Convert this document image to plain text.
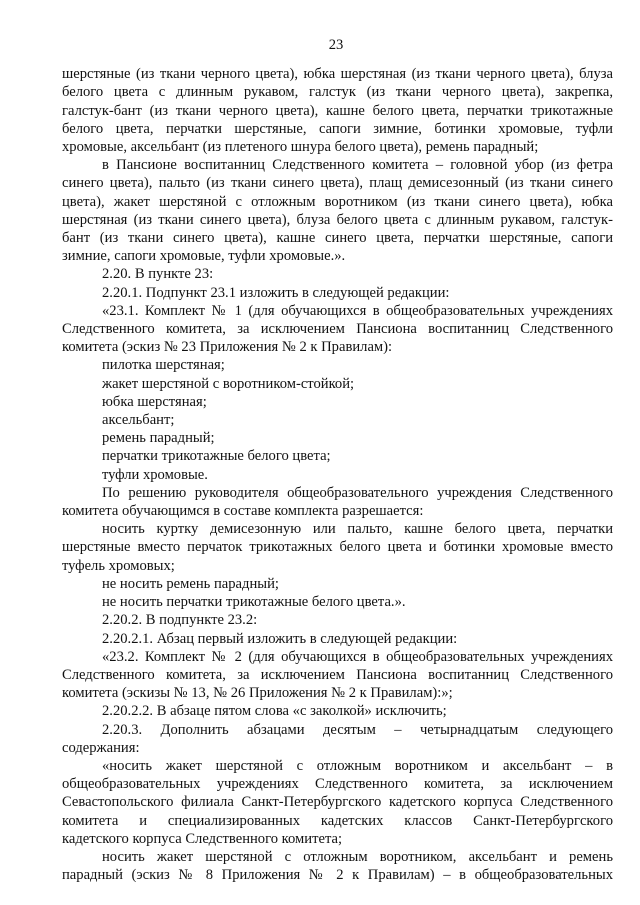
23
шерстяные (из ткани черного цвета), юбка шерстяная (из ткани черного цвета), блуза
белого цвета с длинным рукавом, галстук (из ткани черного цвета), закрепка,
галстук-бант (из ткани черного цвета), кашне белого цвета, перчатки трикотажные
белого цвета, перчатки шерстяные, сапоги зимние, ботинки хромовые, туфли
хромовые, аксельбант (из плетеного шнура белого цвета), ремень парадный;
в Пансионе воспитанниц Следственного комитета – головной убор (из фетра
синего цвета), пальто (из ткани синего цвета), плащ демисезонный (из ткани синего
цвета), жакет шерстяной с отложным воротником (из ткани синего цвета), юбка
шерстяная (из ткани синего цвета), блуза белого цвета с длинным рукавом, галстук-
бант (из ткани синего цвета), кашне синего цвета, перчатки шерстяные, сапоги
зимние, сапоги хромовые, туфли хромовые.».
2.20. В пункте 23:
2.20.1. Подпункт 23.1 изложить в следующей редакции:
«23.1. Комплект № 1 (для обучающихся в общеобразовательных учреждениях
Следственного комитета, за исключением Пансиона воспитанниц Следственного
комитета (эскиз № 23 Приложения № 2 к Правилам):
пилотка шерстяная;
жакет шерстяной с воротником-стойкой;
юбка шерстяная;
аксельбант;
ремень парадный;
перчатки трикотажные белого цвета;
туфли хромовые.
По решению руководителя общеобразовательного учреждения Следственного
комитета обучающимся в составе комплекта разрешается:
носить куртку демисезонную или пальто, кашне белого цвета, перчатки
шерстяные вместо перчаток трикотажных белого цвета и ботинки хромовые вместо
туфель хромовых;
не носить ремень парадный;
не носить перчатки трикотажные белого цвета.».
2.20.2. В подпункте 23.2:
2.20.2.1. Абзац первый изложить в следующей редакции:
«23.2. Комплект № 2 (для обучающихся в общеобразовательных учреждениях
Следственного комитета, за исключением Пансиона воспитанниц Следственного
комитета (эскизы № 13, № 26 Приложения № 2 к Правилам):»;
2.20.2.2. В абзаце пятом слова «с заколкой» исключить;
2.20.3. Дополнить абзацами десятым – четырнадцатым следующего
содержания:
«носить жакет шерстяной с отложным воротником и аксельбант – в
общеобразовательных учреждениях Следственного комитета, за исключением
Севастопольского филиала Санкт-Петербургского кадетского корпуса Следственного
комитета и специализированных кадетских классов Санкт-Петербургского
кадетского корпуса Следственного комитета;
носить жакет шерстяной с отложным воротником, аксельбант и ремень
парадный (эскиз № 8 Приложения № 2 к Правилам) – в общеобразовательных
